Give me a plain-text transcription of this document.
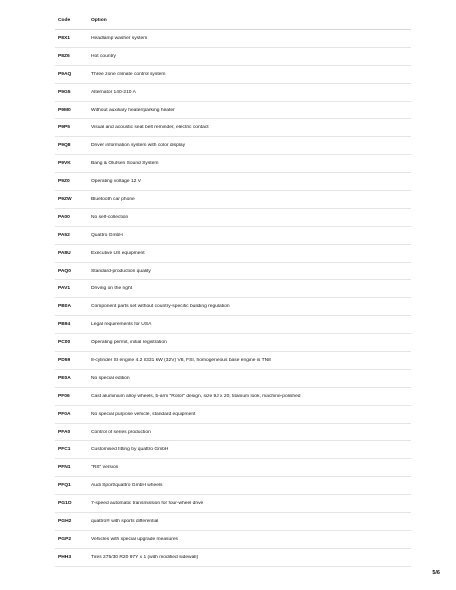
Code	Option
P8X1	Headlamp washer system
P8Z6	Hot country
P9AQ	Three zone climate control system
P9G5	Alternator 140-210 A
P9M0	Without auxiliary heater/parking heater
P9P5	Visual and acoustic seat belt reminder, electric contact
P9Q8	Driver information system with color display
P9VK	Bang & Olufsen Sound System
P9Z0	Operating voltage 12 V
P9ZW	Bluetooth car phone
PA00	No self-collection
PA52	Quattro GmbH
PA8U	Executive US equipment
PAQ0	Standard-production quality
PAV1	Driving on the right
PB0A	Component parts set without country-specific building regulation
PB94	Legal requirements for USA
PC00	Operating permit, initial registration
PD59	8-cylinder SI engine 4.2 l/331 kW (32V) V8, FSI, homogeneous base engine is TN8
PE0A	No special edition
PF06	Cast aluminium alloy wheels, 5-arm "Rotor" design, size 9J x 20, titanium look, machine-polished
PF0A	No special purpose vehicle, standard equipment
PFA0	Control of series production
PFC1	Customised fitting by quattro GmbH
PFN1	"RS" version
PFQ1	Audi Sport/quattro GmbH wheels
PG1O	7-speed automatic transmission for four-wheel drive
PGH2	quattro® with sports differential
PGP2	Vehicles with special upgrade measures
PHH3	Tires 275/30 R20 97Y x 1 (with modified sidewall)
5/6
